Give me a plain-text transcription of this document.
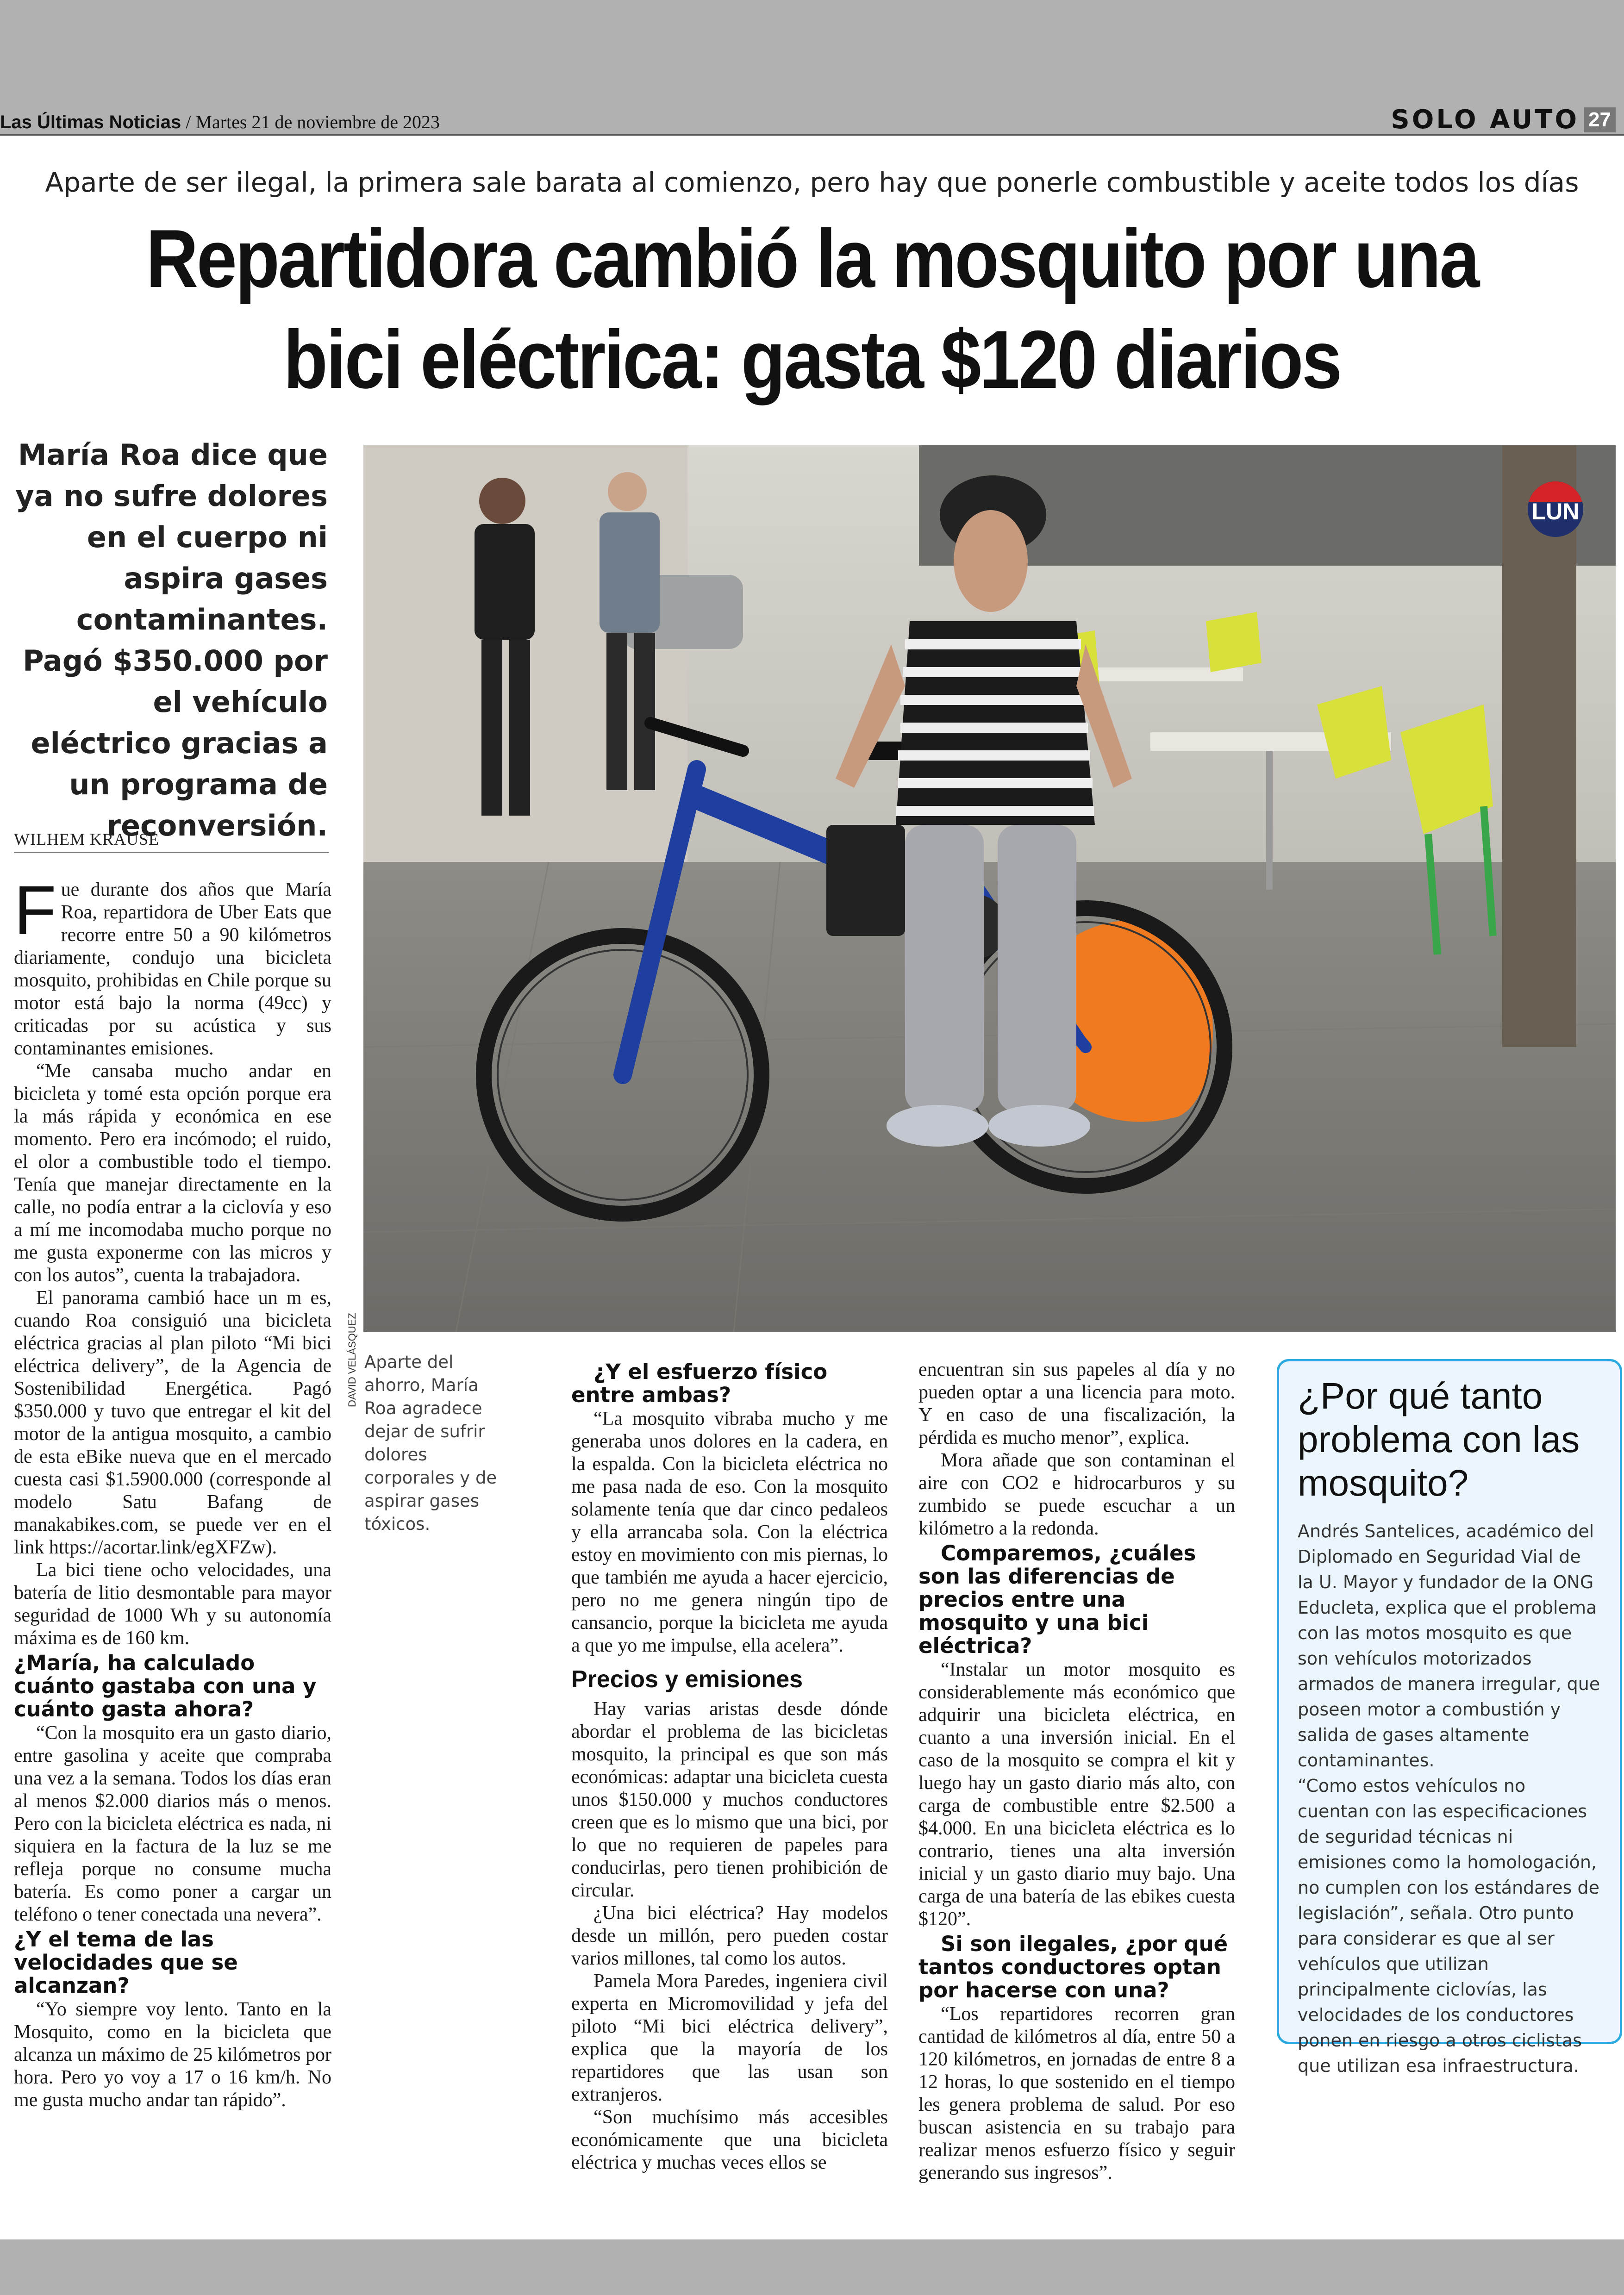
Las Últimas Noticias / Martes 21 de noviembre de 2023	SOLO AUTO 27
Aparte de ser ilegal, la primera sale barata al comienzo, pero hay que ponerle combustible y aceite todos los días
Repartidora cambió la mosquito por una
bici eléctrica: gasta $120 diarios
María Roa dice que ya no sufre dolores en el cuerpo ni aspira gases contaminantes. Pagó $350.000 por el vehículo eléctrico gracias a un programa de reconversión.
WILHEM KRAUSE
LUN
DAVID VELÁSQUEZ Aparte del ahorro, María Roa agradece dejar de sufrir dolores corporales y de aspirar gases tóxicos.

Fue durante dos años que María Roa, repartidora de Uber Eats que recorre entre 50 a 90 kilómetros diariamente, condujo una bicicleta mosquito, prohibidas en Chile porque su motor está bajo la norma (49cc) y criticadas por su acústica y sus contaminantes emisiones.

“Me cansaba mucho andar en bicicleta y tomé esta opción porque era la más rápida y económica en ese momento. Pero era incómodo; el ruido, el olor a combustible todo el tiempo. Tenía que manejar directamente en la calle, no podía entrar a la ciclovía y eso a mí me incomodaba mucho porque no me gusta exponerme con las micros y con los autos”, cuenta la trabajadora.

El panorama cambió hace un m es, cuando Roa consiguió una bicicleta eléctrica gracias al plan piloto “Mi bici eléctrica delivery”, de la Agencia de Sostenibilidad Energética. Pagó $350.000 y tuvo que entregar el kit del motor de la antigua mosquito, a cambio de esta eBike nueva que en el mercado cuesta casi $1.5900.000 (corresponde al modelo Satu Bafang de manakabikes.com, se puede ver en el link https://acortar.link/egXFZw).

La bici tiene ocho velocidades, una batería de litio desmontable para mayor seguridad de 1000 Wh y su autonomía máxima es de 160 km.

¿María, ha calculado cuánto gastaba con una y cuánto gasta ahora?

“Con la mosquito era un gasto diario, entre gasolina y aceite que compraba una vez a la semana. Todos los días eran al menos $2.000 diarios más o menos. Pero con la bicicleta eléctrica es nada, ni siquiera en la factura de la luz se me refleja porque no consume mucha batería. Es como poner a cargar un teléfono o tener conectada una nevera”.

¿Y el tema de las velocidades que se alcanzan?

“Yo siempre voy lento. Tanto en la Mosquito, como en la bicicleta que alcanza un máximo de 25 kilómetros por hora. Pero yo voy a 17 o 16 km/h. No me gusta mucho andar tan rápido”.

¿Y el esfuerzo físico entre ambas?

“La mosquito vibraba mucho y me generaba unos dolores en la cadera, en la espalda. Con la bicicleta eléctrica no me pasa nada de eso. Con la mosquito solamente tenía que dar cinco pedaleos y ella arrancaba sola. Con la eléctrica estoy en movimiento con mis piernas, lo que también me ayuda a hacer ejercicio, pero no me genera ningún tipo de cansancio, porque la bicicleta me ayuda a que yo me impulse, ella acelera”.

Precios y emisiones

Hay varias aristas desde dónde abordar el problema de las bicicletas mosquito, la principal es que son más económicas: adaptar una bicicleta cuesta unos $150.000 y muchos conductores creen que es lo mismo que una bici, por lo que no requieren de papeles para conducirlas, pero tienen prohibición de circular.

¿Una bici eléctrica? Hay modelos desde un millón, pero pueden costar varios millones, tal como los autos.

Pamela Mora Paredes, ingeniera civil experta en Micromovilidad y jefa del piloto “Mi bici eléctrica delivery”, explica que la mayoría de los repartidores que las usan son extranjeros.

“Son muchísimo más accesibles económicamente que una bicicleta eléctrica y muchas veces ellos se

encuentran sin sus papeles al día y no pueden optar a una licencia para moto. Y en caso de una fiscalización, la pérdida es mucho menor”, explica.

Mora añade que son contaminan el aire con CO2 e hidrocarburos y su zumbido se puede escuchar a un kilómetro a la redonda.

Comparemos, ¿cuáles son las diferencias de precios entre una mosquito y una bici eléctrica?

“Instalar un motor mosquito es considerablemente más económico que adquirir una bicicleta eléctrica, en cuanto a una inversión inicial. En el caso de la mosquito se compra el kit y luego hay un gasto diario más alto, con carga de combustible entre $2.500 a $4.000. En una bicicleta eléctrica es lo contrario, tienes una alta inversión inicial y un gasto diario muy bajo. Una carga de una batería de las ebikes cuesta $120”.

Si son ilegales, ¿por qué tantos conductores optan por hacerse con una?

“Los repartidores recorren gran cantidad de kilómetros al día, entre 50 a 120 kilómetros, en jornadas de entre 8 a 12 horas, lo que sostenido en el tiempo les genera problema de salud. Por eso buscan asistencia en su trabajo para realizar menos esfuerzo físico y seguir generando sus ingresos”.

¿Por qué tanto problema con las mosquito?

Andrés Santelices, académico del Diplomado en Seguridad Vial de la U. Mayor y fundador de la ONG Educleta, explica que el problema con las motos mosquito es que son vehículos motorizados armados de manera irregular, que poseen motor a combustión y salida de gases altamente contaminantes.

“Como estos vehículos no cuentan con las especificaciones de seguridad técnicas ni emisiones como la homologación, no cumplen con los estándares de legislación”, señala. Otro punto para considerar es que al ser vehículos que utilizan principalmente ciclovías, las velocidades de los conductores ponen en riesgo a otros ciclistas que utilizan esa infraestructura.
